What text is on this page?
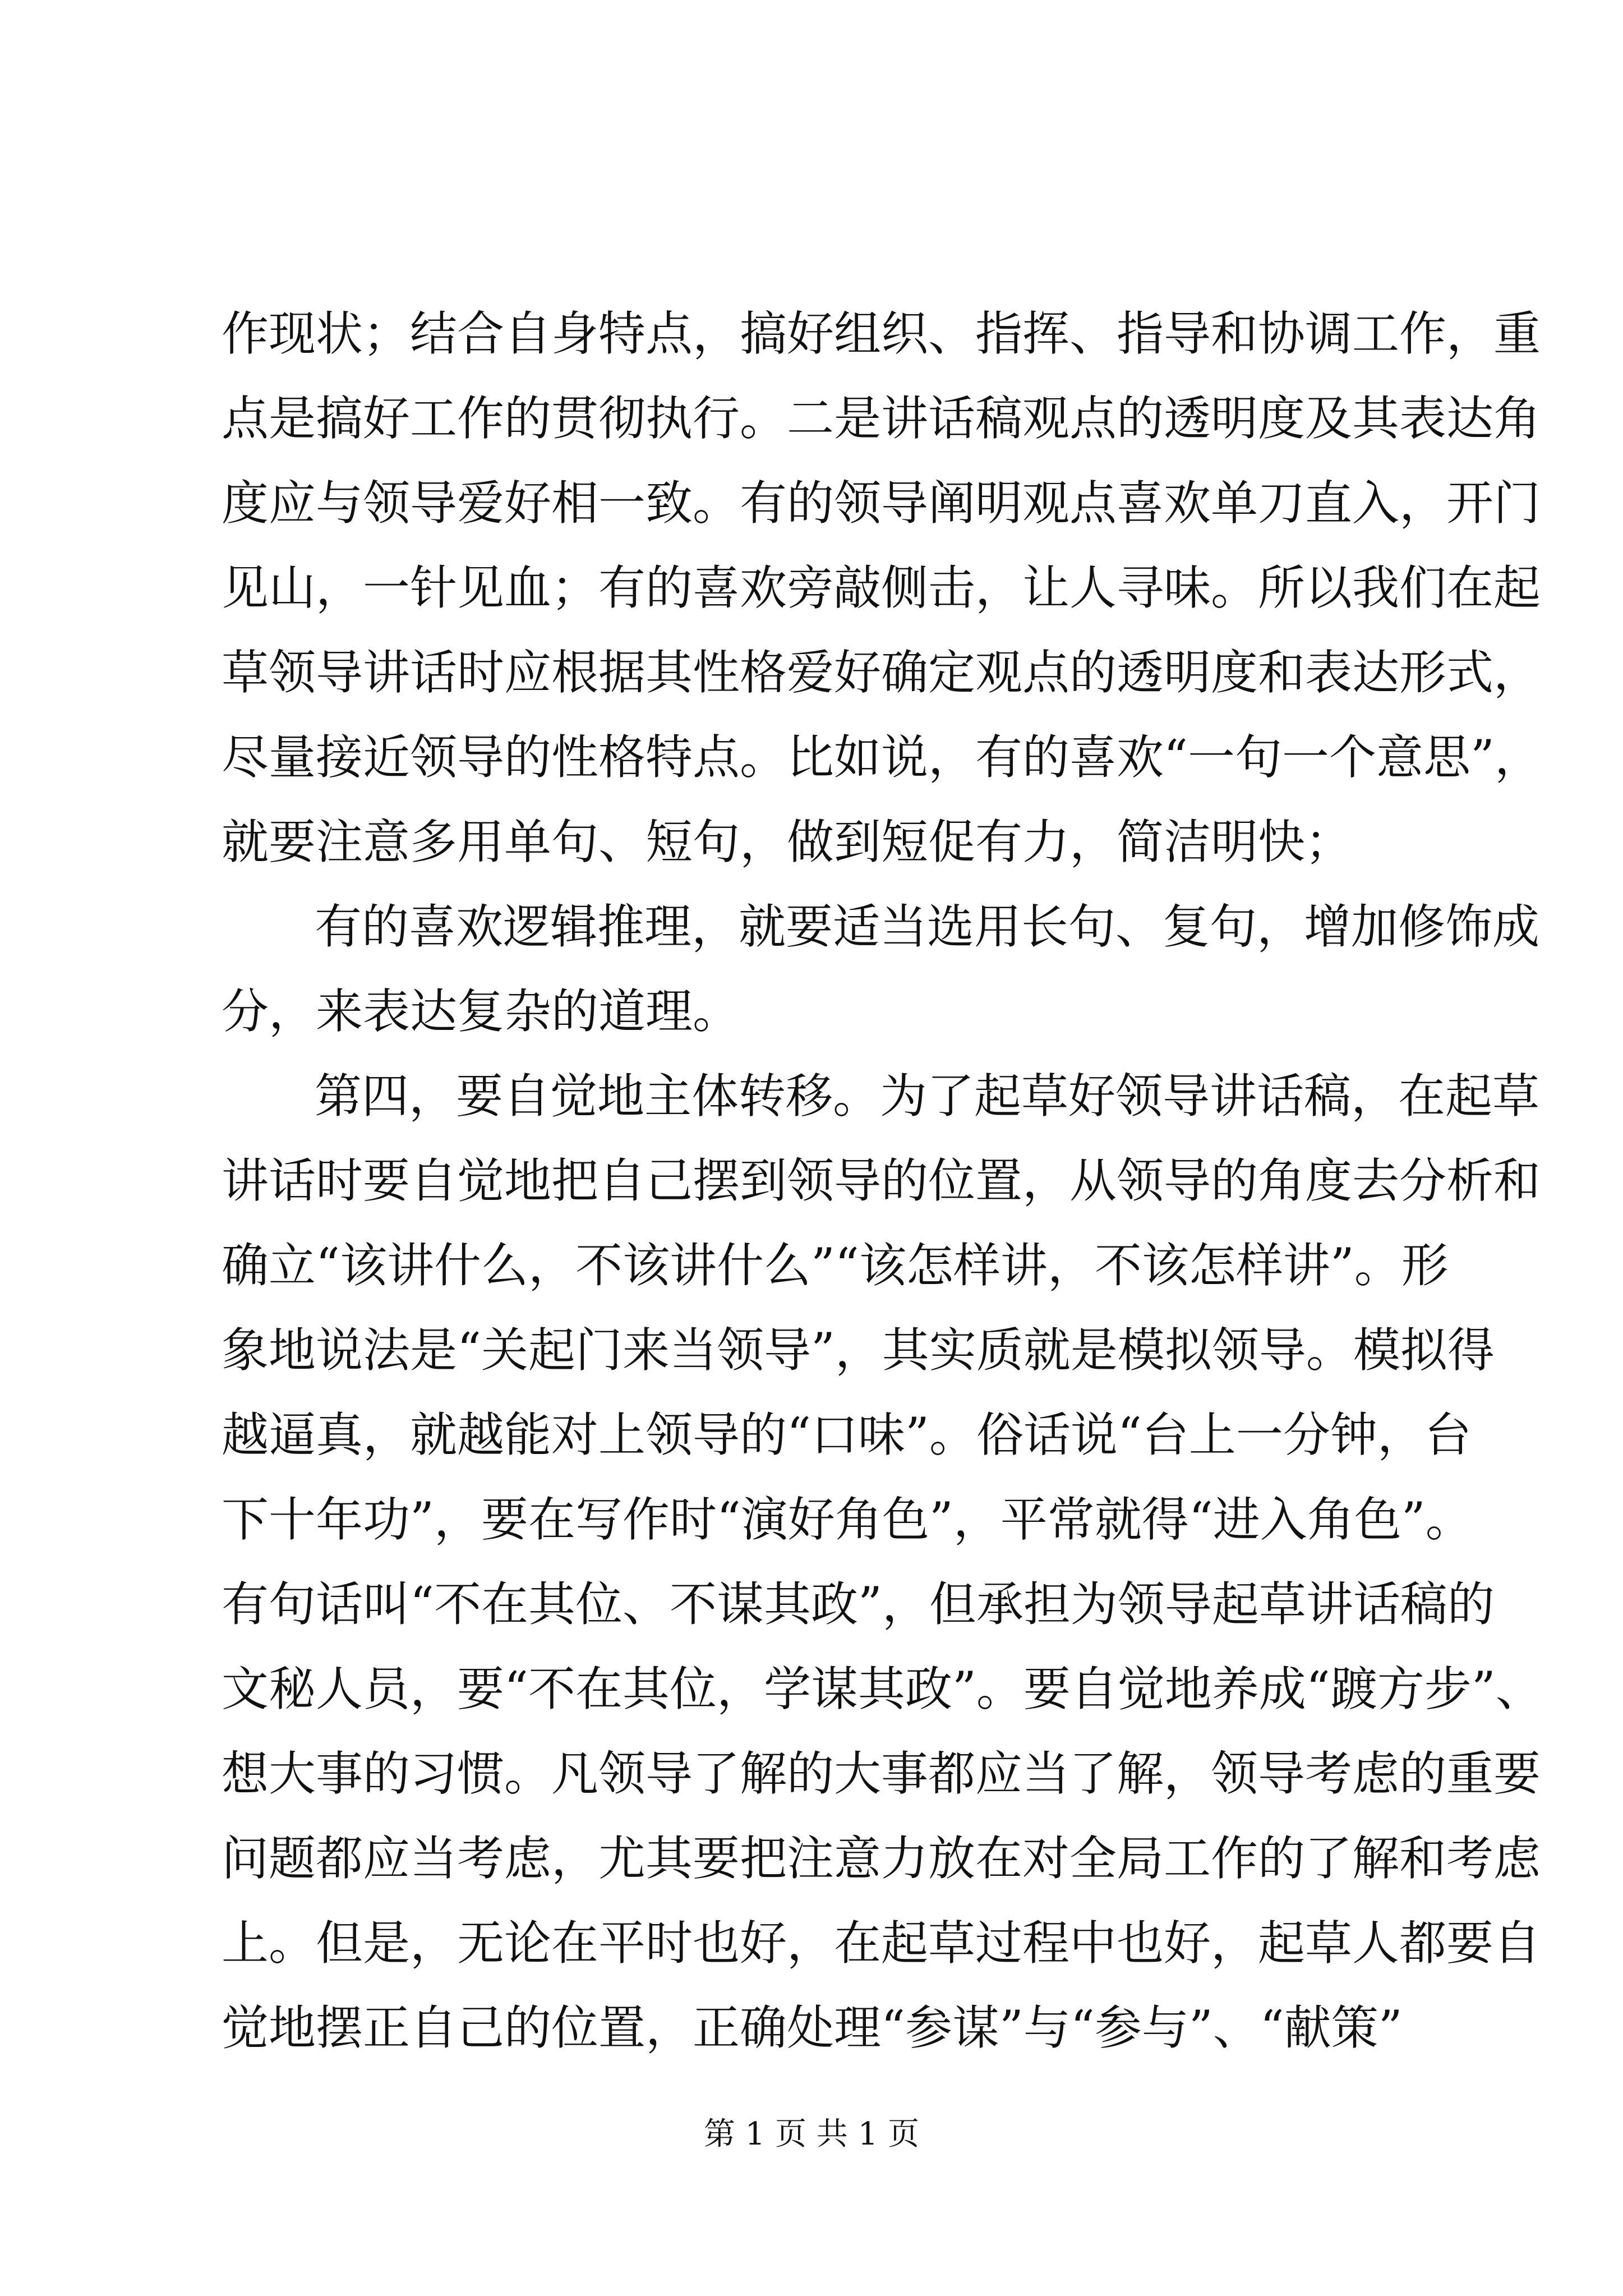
作现状；结合自身特点，搞好组织、指挥、指导和协调工作，重
点是搞好工作的贯彻执行。二是讲话稿观点的透明度及其表达角
度应与领导爱好相一致。有的领导阐明观点喜欢单刀直入，开门
见山，一针见血；有的喜欢旁敲侧击，让人寻味。所以我们在起
草领导讲话时应根据其性格爱好确定观点的透明度和表达形式，
尽量接近领导的性格特点。比如说，有的喜欢“一句一个意思”，
就要注意多用单句、短句，做到短促有力，简洁明快；
有的喜欢逻辑推理，就要适当选用长句、复句，增加修饰成
分，来表达复杂的道理。
第四，要自觉地主体转移。为了起草好领导讲话稿，在起草
讲话时要自觉地把自己摆到领导的位置，从领导的角度去分析和
确立“该讲什么，不该讲什么”“该怎样讲，不该怎样讲”。形
象地说法是“关起门来当领导”，其实质就是模拟领导。模拟得
越逼真，就越能对上领导的“口味”。俗话说“台上一分钟，台
下十年功”，要在写作时“演好角色”，平常就得“进入角色”。
有句话叫“不在其位、不谋其政”，但承担为领导起草讲话稿的
文秘人员，要“不在其位，学谋其政”。要自觉地养成“踱方步”、
想大事的习惯。凡领导了解的大事都应当了解，领导考虑的重要
问题都应当考虑，尤其要把注意力放在对全局工作的了解和考虑
上。但是，无论在平时也好，在起草过程中也好，起草人都要自
觉地摆正自己的位置，正确处理“参谋”与“参与”、“献策”
第 1 页 共 1 页
